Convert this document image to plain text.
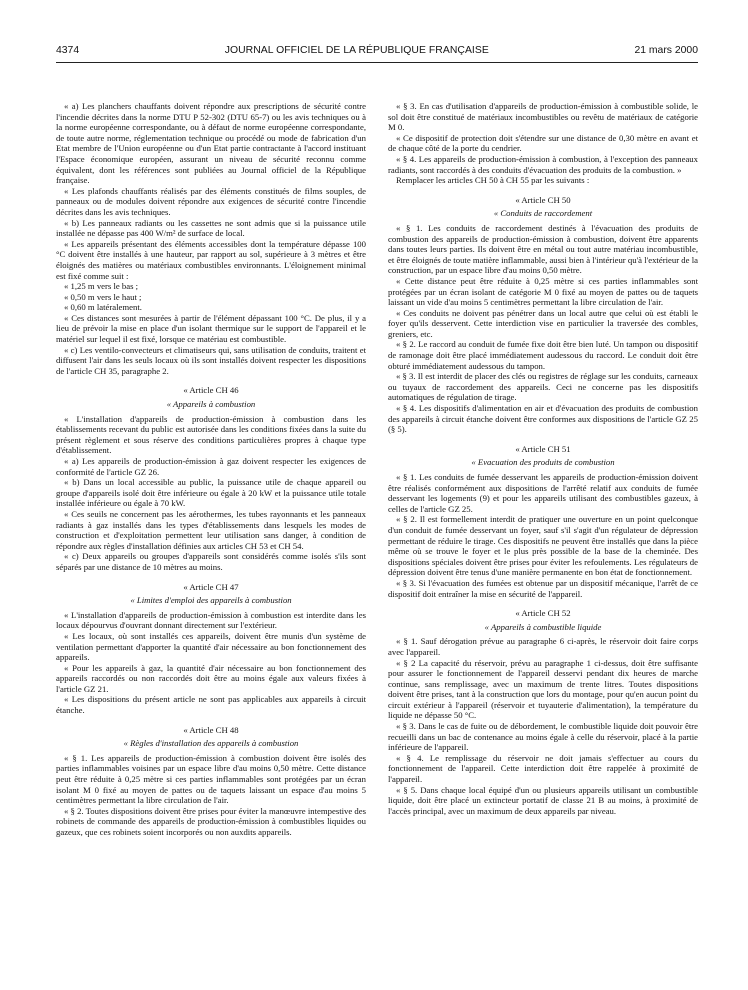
4374	JOURNAL OFFICIEL DE LA RÉPUBLIQUE FRANÇAISE	21 mars 2000

« a) Les planchers chauffants doivent répondre aux prescriptions de sécurité contre l'incendie décrites dans la norme DTU P 52-302 (DTU 65-7) ou les avis techniques ou à la norme européenne correspondante, ou à défaut de norme européenne correspondante, de toute autre norme, réglementation technique ou procédé ou mode de fabrication d'un Etat membre de l'Union européenne ou d'un Etat partie contractante à l'accord instituant l'Espace économique européen, assurant un niveau de sécurité reconnu comme équivalent, dont les références sont publiées au Journal officiel de la République française.

« Les plafonds chauffants réalisés par des éléments constitués de films souples, de panneaux ou de modules doivent répondre aux exigences de sécurité contre l'incendie décrites dans les avis techniques.

« b) Les panneaux radiants ou les cassettes ne sont admis que si la puissance utile installée ne dépasse pas 400 W/m² de surface de local.

« Les appareils présentant des éléments accessibles dont la température dépasse 100 °C doivent être installés à une hauteur, par rapport au sol, supérieure à 3 mètres et être éloignés des matières ou matériaux combustibles environnants. L'éloignement minimal est fixé comme suit :

« 1,25 m vers le bas ;

« 0,50 m vers le haut ;

« 0,60 m latéralement.

« Ces distances sont mesurées à partir de l'élément dépassant 100 °C. De plus, il y a lieu de prévoir la mise en place d'un isolant thermique sur le support de l'appareil et le matériel sur lequel il est fixé, lorsque ce matériau est combustible.

« c) Les ventilo-convecteurs et climatiseurs qui, sans utilisation de conduits, traitent et diffusent l'air dans les seuls locaux où ils sont installés doivent respecter les dispositions de l'article CH 35, paragraphe 2.

« Article CH 46

« Appareils à combustion

« L'installation d'appareils de production-émission à combustion dans les établissements recevant du public est autorisée dans les conditions fixées dans la suite du présent règlement et sous réserve des conditions particulières propres à chaque type d'établissement.

« a) Les appareils de production-émission à gaz doivent respecter les exigences de conformité de l'article GZ 26.

« b) Dans un local accessible au public, la puissance utile de chaque appareil ou groupe d'appareils isolé doit être inférieure ou égale à 20 kW et la puissance utile totale installée inférieure ou égale à 70 kW.

« Ces seuils ne concernent pas les aérothermes, les tubes rayonnants et les panneaux radiants à gaz installés dans les types d'établissements dans lesquels les modes de construction et d'exploitation permettent leur utilisation sans danger, à condition de répondre aux règles d'installation définies aux articles CH 53 et CH 54.

« c) Deux appareils ou groupes d'appareils sont considérés comme isolés s'ils sont séparés par une distance de 10 mètres au moins.

« Article CH 47

« Limites d'emploi des appareils à combustion

« L'installation d'appareils de production-émission à combustion est interdite dans les locaux dépourvus d'ouvrant donnant directement sur l'extérieur.

« Les locaux, où sont installés ces appareils, doivent être munis d'un système de ventilation permettant d'apporter la quantité d'air nécessaire au bon fonctionnement des appareils.

« Pour les appareils à gaz, la quantité d'air nécessaire au bon fonctionnement des appareils raccordés ou non raccordés doit être au moins égale aux valeurs fixées à l'article GZ 21.

« Les dispositions du présent article ne sont pas applicables aux appareils à circuit étanche.

« Article CH 48

« Règles d'installation des appareils à combustion

« § 1. Les appareils de production-émission à combustion doivent être isolés des parties inflammables voisines par un espace libre d'au moins 0,50 mètre. Cette distance peut être réduite à 0,25 mètre si ces parties inflammables sont protégées par un écran isolant M 0 fixé au moyen de pattes ou de taquets laissant un espace d'au moins 5 centimètres permettant la libre circulation de l'air.

« § 2. Toutes dispositions doivent être prises pour éviter la manœuvre intempestive des robinets de commande des appareils de production-émission à combustibles liquides ou gazeux, que ces robinets soient incorporés ou non auxdits appareils.

« § 3. En cas d'utilisation d'appareils de production-émission à combustible solide, le sol doit être constitué de matériaux incombustibles ou revêtu de matériaux de catégorie M 0.

« Ce dispositif de protection doit s'étendre sur une distance de 0,30 mètre en avant et de chaque côté de la porte du cendrier.

« § 4. Les appareils de production-émission à combustion, à l'exception des panneaux radiants, sont raccordés à des conduits d'évacuation des produits de la combustion. »

Remplacer les articles CH 50 à CH 55 par les suivants :

« Article CH 50

« Conduits de raccordement

« § 1. Les conduits de raccordement destinés à l'évacuation des produits de combustion des appareils de production-émission à combustion, doivent être apparents dans toutes leurs parties. Ils doivent être en métal ou tout autre matériau incombustible, et être éloignés de toute matière inflammable, aussi bien à l'intérieur qu'à l'extérieur de la construction, par un espace libre d'au moins 0,50 mètre.

« Cette distance peut être réduite à 0,25 mètre si ces parties inflammables sont protégées par un écran isolant de catégorie M 0 fixé au moyen de pattes ou de taquets laissant un vide d'au moins 5 centimètres permettant la libre circulation de l'air.

« Ces conduits ne doivent pas pénétrer dans un local autre que celui où est établi le foyer qu'ils desservent. Cette interdiction vise en particulier la traversée des combles, greniers, etc.

« § 2. Le raccord au conduit de fumée fixe doit être bien luté. Un tampon ou dispositif de ramonage doit être placé immédiatement audessous du raccord. Le conduit doit être obturé immédiatement audessous du tampon.

« § 3. Il est interdit de placer des clés ou registres de réglage sur les conduits, carneaux ou tuyaux de raccordement des appareils. Ceci ne concerne pas les dispositifs automatiques de régulation de tirage.

« § 4. Les dispositifs d'alimentation en air et d'évacuation des produits de combustion des appareils à circuit étanche doivent être conformes aux dispositions de l'article GZ 25 (§ 5).

« Article CH 51

« Evacuation des produits de combustion

« § 1. Les conduits de fumée desservant les appareils de production-émission doivent être réalisés conformément aux dispositions de l'arrêté relatif aux conduits de fumée desservant les logements (9) et pour les appareils utilisant des combustibles gazeux, à celles de l'article GZ 25.

« § 2. Il est formellement interdit de pratiquer une ouverture en un point quelconque d'un conduit de fumée desservant un foyer, sauf s'il s'agit d'un régulateur de dépression permettant de réduire le tirage. Ces dispositifs ne peuvent être installés que dans la pièce même où se trouve le foyer et le plus près possible de la base de la cheminée. Des dispositions spéciales doivent être prises pour éviter les refoulements. Les régulateurs de dépression doivent être tenus d'une manière permanente en bon état de fonctionnement.

« § 3. Si l'évacuation des fumées est obtenue par un dispositif mécanique, l'arrêt de ce dispositif doit entraîner la mise en sécurité de l'appareil.

« Article CH 52

« Appareils à combustible liquide

« § 1. Sauf dérogation prévue au paragraphe 6 ci-après, le réservoir doit faire corps avec l'appareil.

« § 2 La capacité du réservoir, prévu au paragraphe 1 ci-dessus, doit être suffisante pour assurer le fonctionnement de l'appareil desservi pendant dix heures de marche continue, sans remplissage, avec un maximum de trente litres. Toutes dispositions doivent être prises, tant à la construction que lors du montage, pour qu'en aucun point du circuit extérieur à l'appareil (réservoir et tuyauterie d'alimentation), la température du liquide ne dépasse 50 °C.

« § 3. Dans le cas de fuite ou de débordement, le combustible liquide doit pouvoir être recueilli dans un bac de contenance au moins égale à celle du réservoir, placé à la partie inférieure de l'appareil.

« § 4. Le remplissage du réservoir ne doit jamais s'effectuer au cours du fonctionnement de l'appareil. Cette interdiction doit être rappelée à proximité de l'appareil.

« § 5. Dans chaque local équipé d'un ou plusieurs appareils utilisant un combustible liquide, doit être placé un extincteur portatif de classe 21 B au moins, à proximité de l'accès principal, avec un maximum de deux appareils par niveau.
